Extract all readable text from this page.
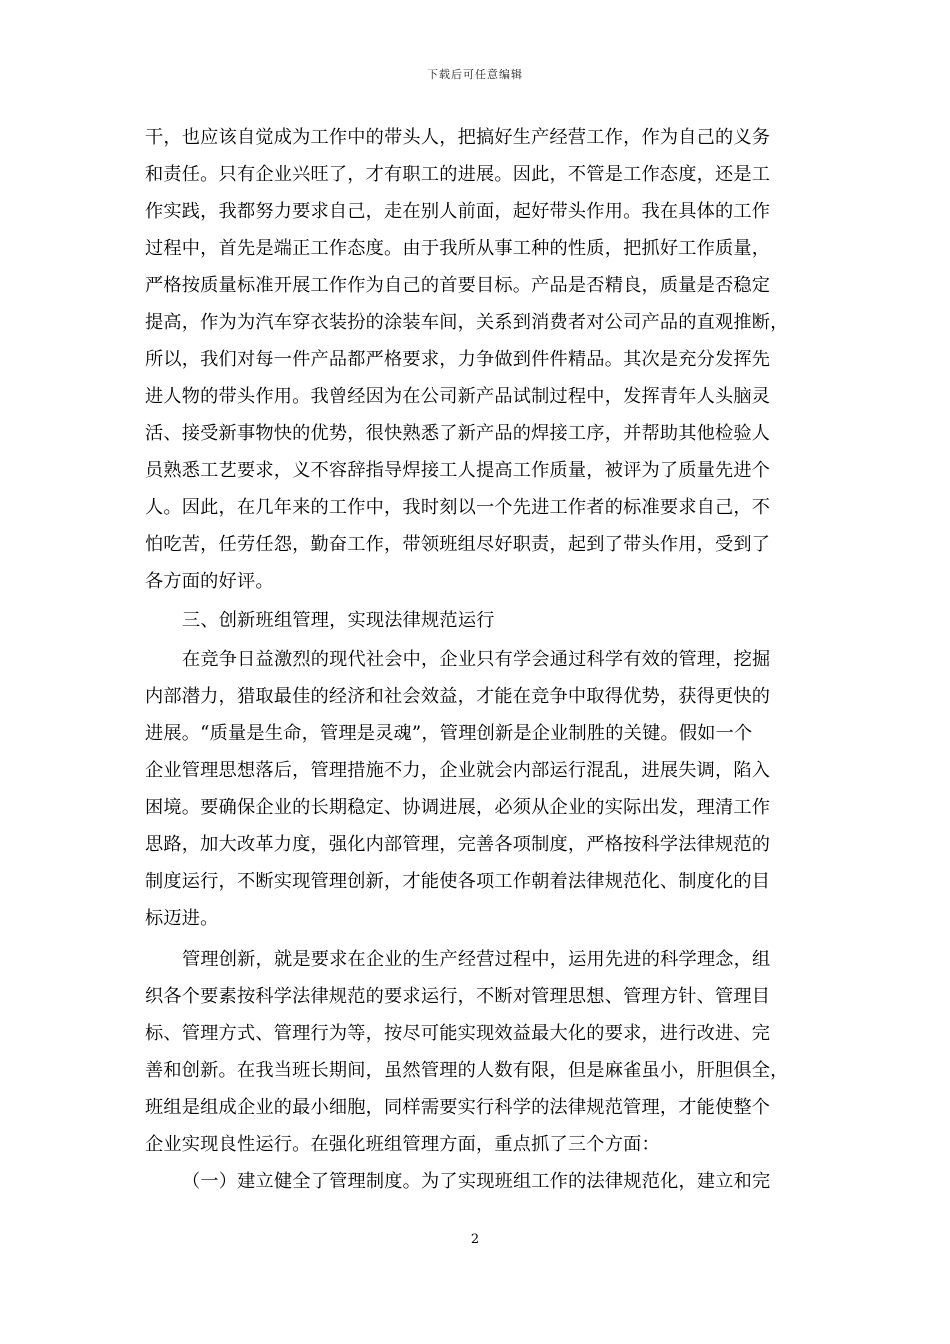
下载后可任意编辑
干，也应该自觉成为工作中的带头人，把搞好生产经营工作，作为自己的义务
和责任。只有企业兴旺了，才有职工的进展。因此，不管是工作态度，还是工
作实践，我都努力要求自己，走在别人前面，起好带头作用。我在具体的工作
过程中，首先是端正工作态度。由于我所从事工种的性质，把抓好工作质量，
严格按质量标准开展工作作为自己的首要目标。产品是否精良，质量是否稳定
提高，作为为汽车穿衣装扮的涂装车间，关系到消费者对公司产品的直观推断，
所以，我们对每一件产品都严格要求，力争做到件件精品。其次是充分发挥先
进人物的带头作用。我曾经因为在公司新产品试制过程中，发挥青年人头脑灵
活、接受新事物快的优势，很快熟悉了新产品的焊接工序，并帮助其他检验人
员熟悉工艺要求，义不容辞指导焊接工人提高工作质量，被评为了质量先进个
人。因此，在几年来的工作中，我时刻以一个先进工作者的标准要求自己，不
怕吃苦，任劳任怨，勤奋工作，带领班组尽好职责，起到了带头作用，受到了
各方面的好评。
三、创新班组管理，实现法律规范运行
在竞争日益激烈的现代社会中，企业只有学会通过科学有效的管理，挖掘
内部潜力，猎取最佳的经济和社会效益，才能在竞争中取得优势，获得更快的
进展。“质量是生命，管理是灵魂”，管理创新是企业制胜的关键。假如一个
企业管理思想落后，管理措施不力，企业就会内部运行混乱，进展失调，陷入
困境。要确保企业的长期稳定、协调进展，必须从企业的实际出发，理清工作
思路，加大改革力度，强化内部管理，完善各项制度，严格按科学法律规范的
制度运行，不断实现管理创新，才能使各项工作朝着法律规范化、制度化的目
标迈进。
管理创新，就是要求在企业的生产经营过程中，运用先进的科学理念，组
织各个要素按科学法律规范的要求运行，不断对管理思想、管理方针、管理目
标、管理方式、管理行为等，按尽可能实现效益最大化的要求，进行改进、完
善和创新。在我当班长期间，虽然管理的人数有限，但是麻雀虽小，肝胆俱全，
班组是组成企业的最小细胞，同样需要实行科学的法律规范管理，才能使整个
企业实现良性运行。在强化班组管理方面，重点抓了三个方面：
（一）建立健全了管理制度。为了实现班组工作的法律规范化，建立和完
2
